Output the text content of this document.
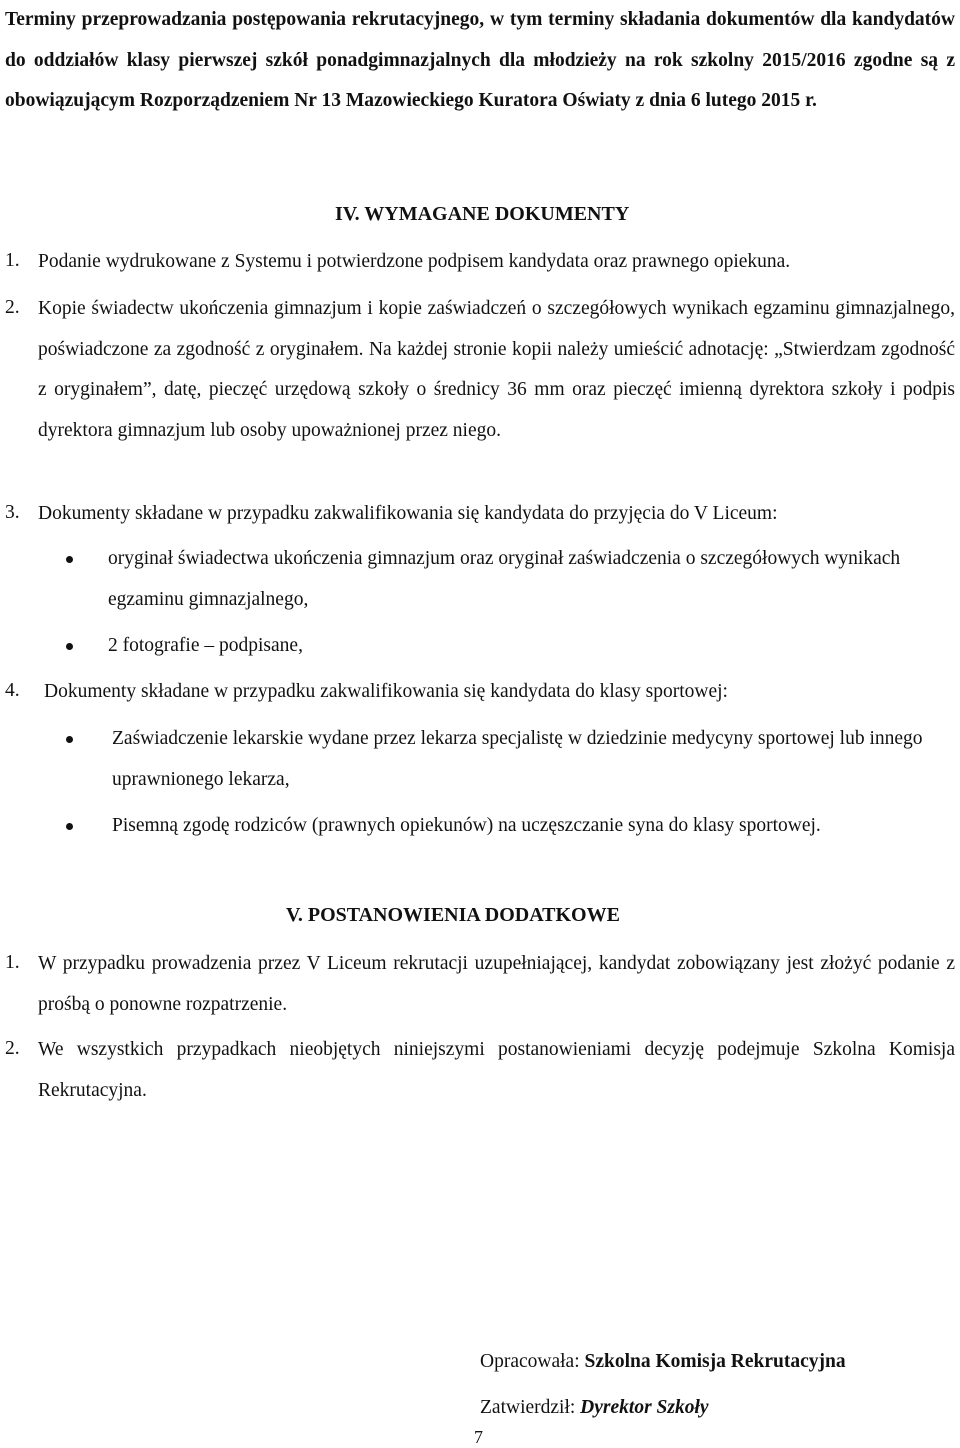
Terminy przeprowadzania postępowania rekrutacyjnego, w tym terminy składania dokumentów dla kandydatów do oddziałów klasy pierwszej szkół ponadgimnazjalnych dla młodzieży na rok szkolny 2015/2016 zgodne są z obowiązującym Rozporządzeniem Nr 13 Mazowieckiego Kuratora Oświaty z dnia 6 lutego 2015 r.
IV. WYMAGANE DOKUMENTY
1. Podanie wydrukowane z Systemu i potwierdzone podpisem kandydata oraz prawnego opiekuna.
2. Kopie świadectw ukończenia gimnazjum i kopie zaświadczeń o szczegółowych wynikach egzaminu gimnazjalnego, poświadczone za zgodność z oryginałem. Na każdej stronie kopii należy umieścić adnotację: „Stwierdzam zgodność z oryginałem”, datę, pieczęć urzędową szkoły o średnicy 36 mm oraz pieczęć imienną dyrektora szkoły i podpis dyrektora gimnazjum lub osoby upoważnionej przez niego.
3. Dokumenty składane w przypadku zakwalifikowania się kandydata do przyjęcia do V Liceum:
oryginał świadectwa ukończenia gimnazjum oraz oryginał zaświadczenia o szczegółowych wynikach egzaminu gimnazjalnego,
2 fotografie – podpisane,
4. Dokumenty składane w przypadku zakwalifikowania się kandydata do klasy sportowej:
Zaświadczenie lekarskie wydane przez lekarza specjalistę w dziedzinie medycyny sportowej lub innego uprawnionego lekarza,
Pisemną zgodę rodziców (prawnych opiekunów) na uczęszczanie syna do klasy sportowej.
V. POSTANOWIENIA DODATKOWE
1. W przypadku prowadzenia przez V Liceum rekrutacji uzupełniającej, kandydat zobowiązany jest złożyć podanie z prośbą o ponowne rozpatrzenie.
2. We wszystkich przypadkach nieobjętych niniejszymi postanowieniami decyzję podejmuje Szkolna Komisja Rekrutacyjna.
Opracowała: Szkolna Komisja Rekrutacyjna
Zatwierdził: Dyrektor Szkoły
7
